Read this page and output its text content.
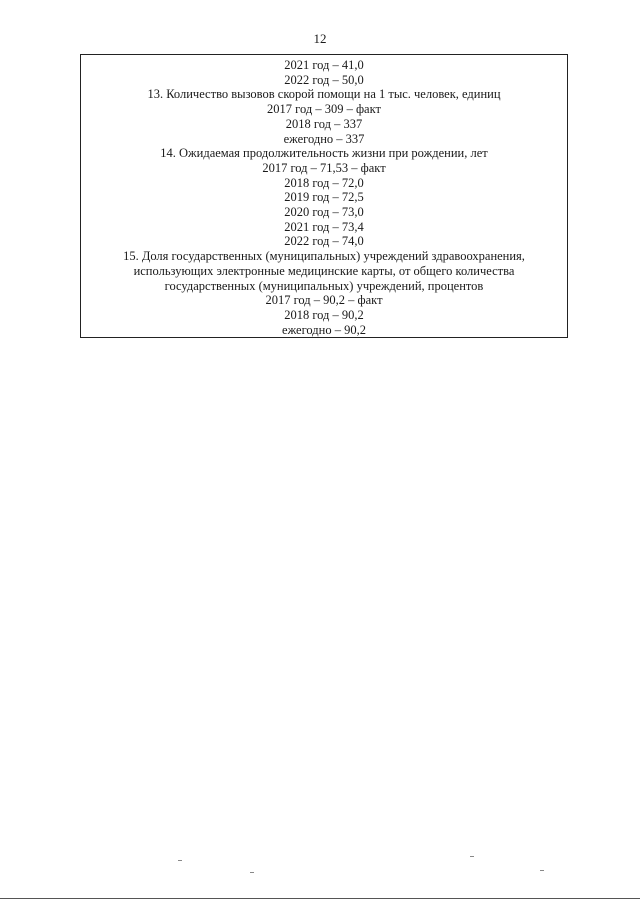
12
2021 год – 41,0
2022 год – 50,0
13. Количество вызовов скорой помощи на 1 тыс. человек, единиц
2017 год – 309 – факт
2018 год – 337
ежегодно – 337
14. Ожидаемая продолжительность жизни при рождении, лет
2017 год – 71,53 – факт
2018 год – 72,0
2019 год – 72,5
2020 год – 73,0
2021 год – 73,4
2022 год – 74,0
15. Доля государственных (муниципальных) учреждений здравоохранения,
использующих электронные медицинские карты, от общего количества
государственных (муниципальных) учреждений, процентов
2017 год – 90,2 – факт
2018 год – 90,2
ежегодно – 90,2
